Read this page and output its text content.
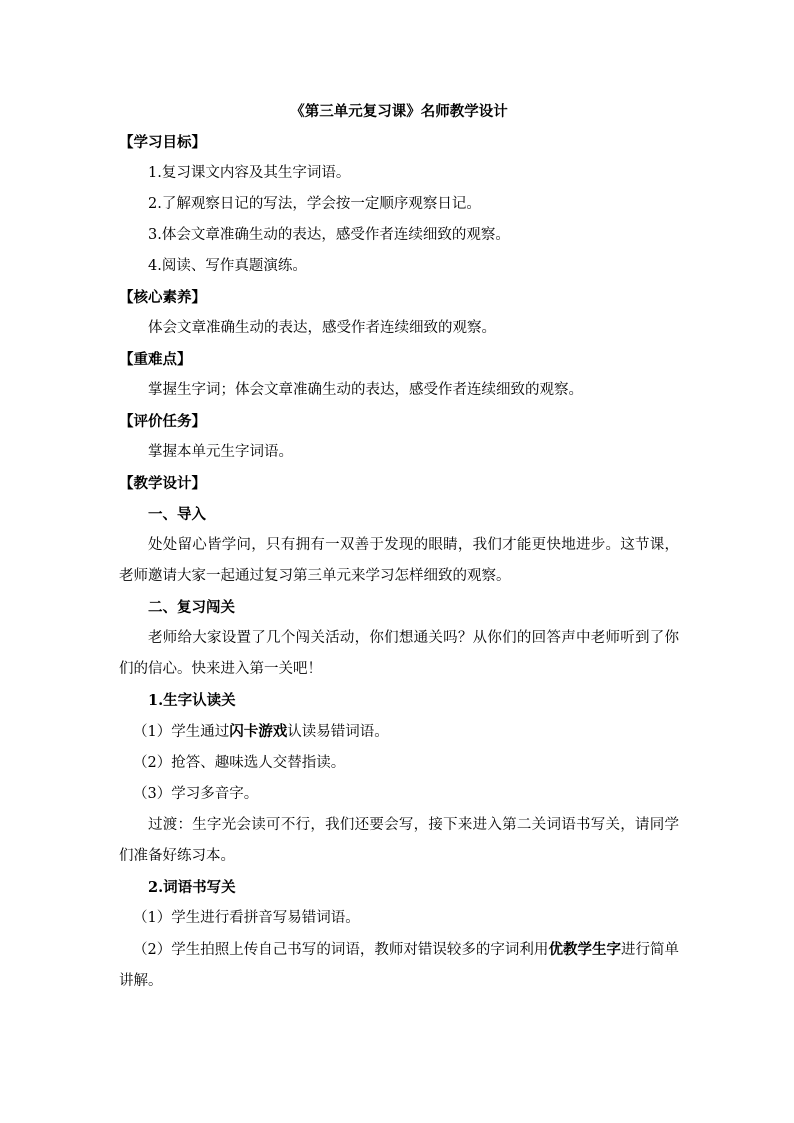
《第三单元复习课》名师教学设计

【学习目标】

1.复习课文内容及其生字词语。

2.了解观察日记的写法，学会按一定顺序观察日记。

3.体会文章准确生动的表达，感受作者连续细致的观察。

4.阅读、写作真题演练。

【核心素养】

体会文章准确生动的表达，感受作者连续细致的观察。

【重难点】

掌握生字词；体会文章准确生动的表达，感受作者连续细致的观察。

【评价任务】

掌握本单元生字词语。

【教学设计】

一、导入

处处留心皆学问，只有拥有一双善于发现的眼睛，我们才能更快地进步。这节课，老师邀请大家一起通过复习第三单元来学习怎样细致的观察。

二、复习闯关

老师给大家设置了几个闯关活动，你们想通关吗？从你们的回答声中老师听到了你们的信心。快来进入第一关吧！

1.生字认读关

（1）学生通过闪卡游戏认读易错词语。

（2）抢答、趣味选人交替指读。

（3）学习多音字。

过渡：生字光会读可不行，我们还要会写，接下来进入第二关词语书写关，请同学们准备好练习本。

2.词语书写关

（1）学生进行看拼音写易错词语。

（2）学生拍照上传自己书写的词语，教师对错误较多的字词利用优教学生字进行简单讲解。
